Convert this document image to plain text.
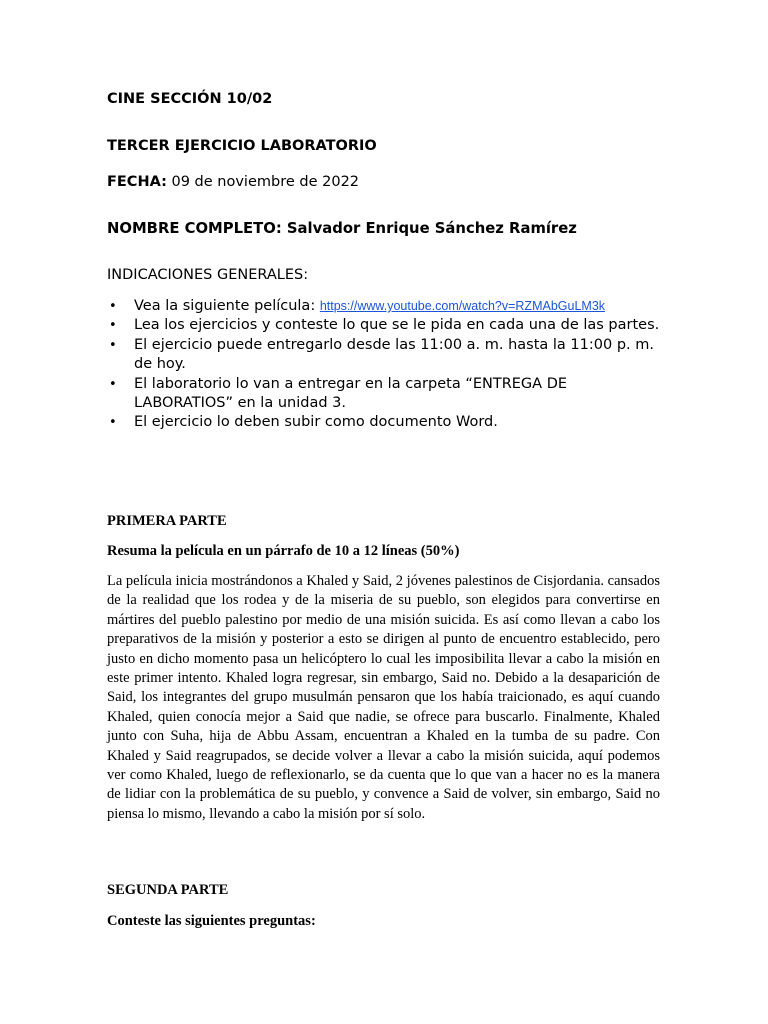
CINE SECCIÓN 10/02
TERCER EJERCICIO LABORATORIO
FECHA: 09 de noviembre de 2022
NOMBRE COMPLETO: Salvador Enrique Sánchez Ramírez
INDICACIONES GENERALES:
• Vea la siguiente película: https://www.youtube.com/watch?v=RZMAbGuLM3k
• Lea los ejercicios y conteste lo que se le pida en cada una de las partes.
• El ejercicio puede entregarlo desde las 11:00 a. m. hasta la 11:00 p. m. de hoy.
• El laboratorio lo van a entregar en la carpeta “ENTREGA DE LABORATIOS” en la unidad 3.
• El ejercicio lo deben subir como documento Word.
PRIMERA PARTE
Resuma la película en un párrafo de 10 a 12 líneas (50%)

La película inicia mostrándonos a Khaled y Said, 2 jóvenes palestinos de Cisjordania. cansados de la realidad que los rodea y de la miseria de su pueblo, son elegidos para convertirse en mártires del pueblo palestino por medio de una misión suicida. Es así como llevan a cabo los preparativos de la misión y posterior a esto se dirigen al punto de encuentro establecido, pero justo en dicho momento pasa un helicóptero lo cual les imposibilita llevar a cabo la misión en este primer intento. Khaled logra regresar, sin embargo, Said no. Debido a la desaparición de Said, los integrantes del grupo musulmán pensaron que los había traicionado, es aquí cuando Khaled, quien conocía mejor a Said que nadie, se ofrece para buscarlo. Finalmente, Khaled junto con Suha, hija de Abbu Assam, encuentran a Khaled en la tumba de su padre. Con Khaled y Said reagrupados, se decide volver a llevar a cabo la misión suicida, aquí podemos ver como Khaled, luego de reflexionarlo, se da cuenta que lo que van a hacer no es la manera de lidiar con la problemática de su pueblo, y convence a Said de volver, sin embargo, Said no piensa lo mismo, llevando a cabo la misión por sí solo.

SEGUNDA PARTE
Conteste las siguientes preguntas:
